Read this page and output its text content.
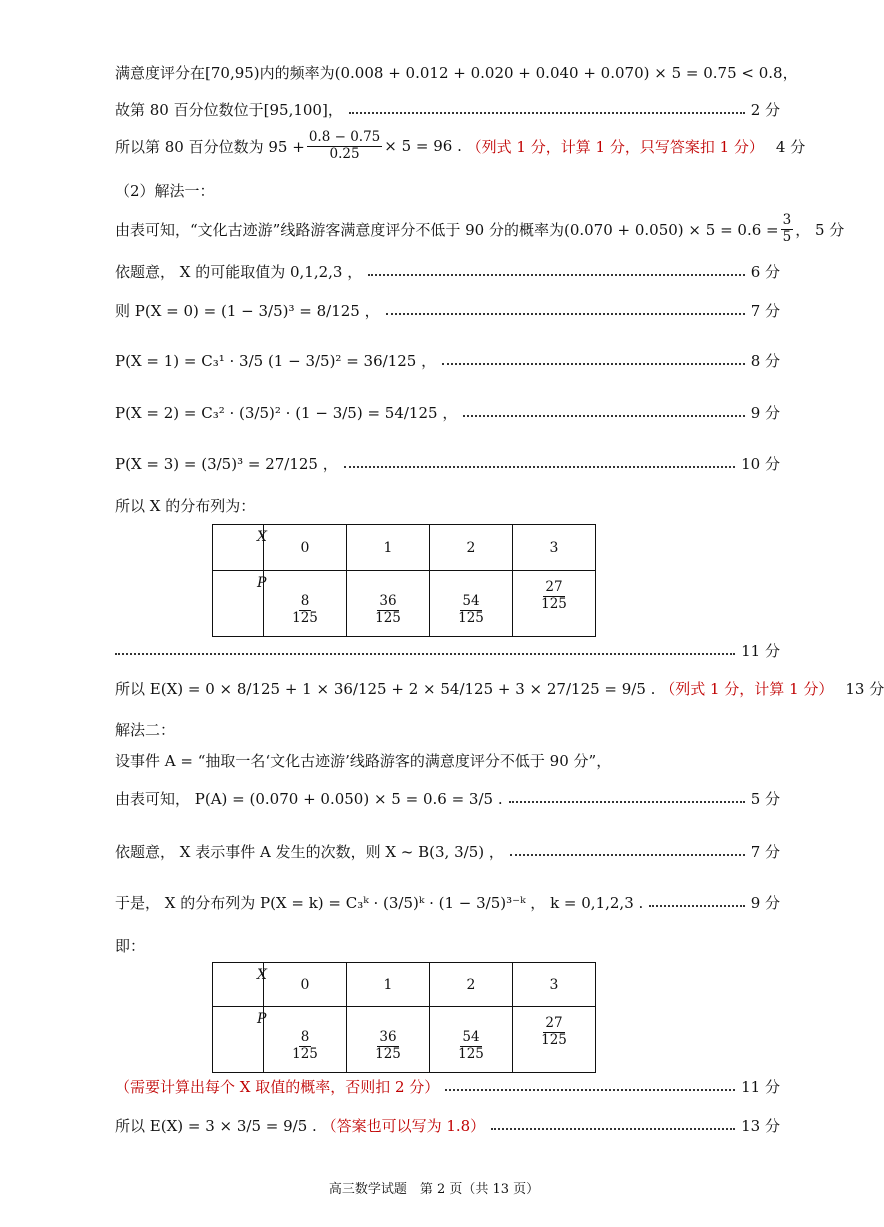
满意度评分在[70,95)内的频率为(0.008 + 0.012 + 0.020 + 0.040 + 0.070) × 5 = 0.75 < 0.8，
故第 80 百分位数位于[95,100]，	2 分
所以第 80 百分位数为 $95 + \frac{0.8 - 0.75}{0.25} \times 5 = 96$ .
（列式 1 分，计算 1 分，只写答案扣 1 分） 4 分
（2）解法一：
由表可知，“文化古迹游”线路游客满意度评分不低于 90 分的概率为$(0.070 + 0.050) \times 5 = 0.6 = \frac{3}{5}$ ， 5 分
依题意， X 的可能取值为 0,1,2,3 ，	6 分
则 P(X = 0) = (1 − 3/5)³ = 8/125 ，	7 分
P(X = 1) = C₃¹ · 3/5 (1 − 3/5)² = 36/125 ，	8 分
P(X = 2) = C₃² · (3/5)² · (1 − 3/5) = 54/125 ，	9 分
P(X = 3) = (3/5)³ = 27/125 ，	10 分
所以 X 的分布列为：
X	0	1	2	3

P	$\frac{8}{125}$	$\frac{36}{125}$	$\frac{54}{125}$	$\frac{27}{125}$
11 分
所以 E(X) = 0 × 8/125 + 1 × 36/125 + 2 × 54/125 + 3 × 27/125 = 9/5 .
（列式 1 分，计算 1 分） 13 分
解法二：
设事件 A = “抽取一名‘文化古迹游’线路游客的满意度评分不低于 90 分”，
由表可知， P(A) = (0.070 + 0.050) × 5 = 0.6 = 3/5 .	5 分
依题意， X 表示事件 A 发生的次数，则 X ~ B(3, 3/5) ，	7 分
于是， X 的分布列为 P(X = k) = C₃ᵏ · (3/5)ᵏ · (1 − 3/5)³⁻ᵏ ， k = 0,1,2,3 .	9 分
即：
X	0	1	2	3

P	$\frac{8}{125}$	$\frac{36}{125}$	$\frac{54}{125}$	$\frac{27}{125}$
（需要计算出每个 X 取值的概率，否则扣 2 分）	11 分
所以 E(X) = 3 × 3/5 = 9/5 .
（答案也可以写为 1.8）	13 分
高三数学试题　第 2 页（共 13 页）
